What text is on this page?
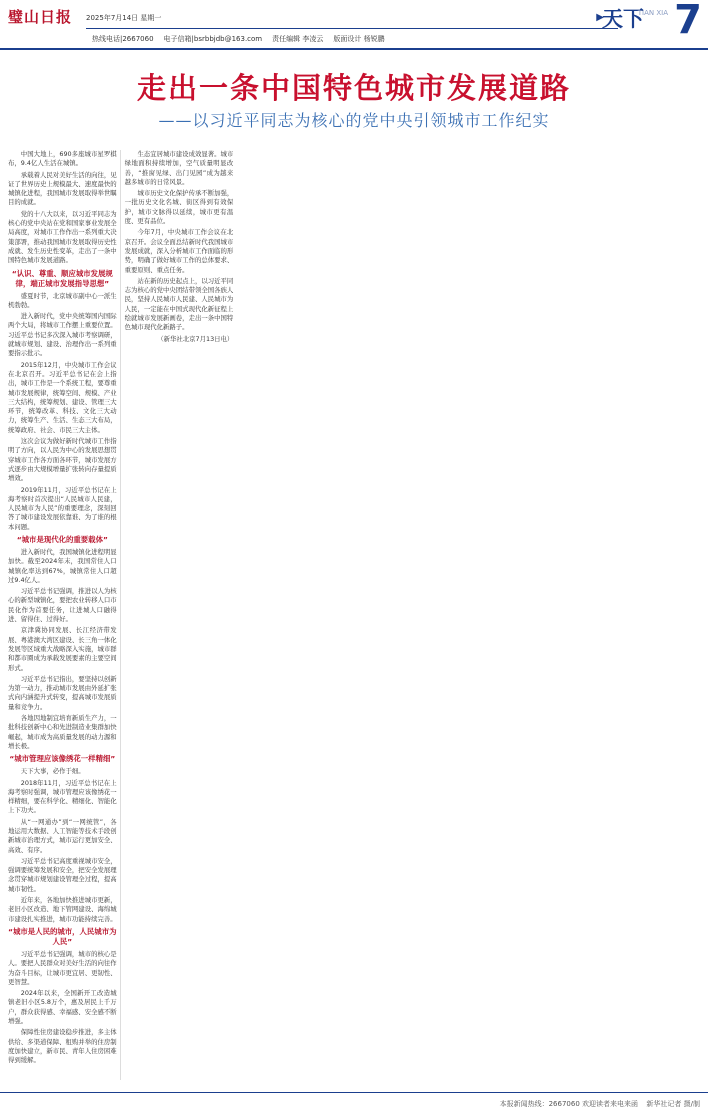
璧山日报 2025年7月14日 星期一	▶
天下
TIAN XIA 7
热线电话|2667060 电子信箱|bsrbbjdb@163.com 责任编辑 李凌云 版面设计 杨锐鹏
走出一条中国特色城市发展道路
——以习近平同志为核心的党中央引领城市工作纪实

中国大地上，690多座城市星罗棋布，9.4亿人生活在城镇。

承载着人民对美好生活的向往，见证了世界历史上规模最大、速度最快的城镇化进程，我国城市发展取得举世瞩目的成就。

党的十八大以来，以习近平同志为核心的党中央站在党和国家事业发展全局高度，对城市工作作出一系列重大决策部署，推动我国城市发展取得历史性成就、发生历史性变革，走出了一条中国特色城市发展道路。

“认识、尊重、顺应城市发展规律，端正城市发展指导思想”

盛夏时节，北京城市副中心一派生机勃勃。

进入新时代，党中央统筹国内国际两个大局，将城市工作摆上重要位置。习近平总书记多次深入城市考察调研，就城市规划、建设、治理作出一系列重要指示批示。

2015年12月，中央城市工作会议在北京召开。习近平总书记在会上指出，城市工作是一个系统工程，要尊重城市发展规律，统筹空间、规模、产业三大结构，统筹规划、建设、管理三大环节，统筹改革、科技、文化三大动力，统筹生产、生活、生态三大布局，统筹政府、社会、市民三大主体。

这次会议为做好新时代城市工作指明了方向，以人民为中心的发展思想贯穿城市工作各方面各环节，城市发展方式逐步由大规模增量扩张转向存量提质增效。

2019年11月，习近平总书记在上海考察时首次提出“人民城市人民建，人民城市为人民”的重要理念，深刻回答了城市建设发展依靠谁、为了谁的根本问题。

“城市是现代化的重要载体”

进入新时代，我国城镇化进程明显加快。截至2024年末，我国常住人口城镇化率达到67%，城镇常住人口超过9.4亿人。

习近平总书记强调，推进以人为核心的新型城镇化，要把农业转移人口市民化作为首要任务，让进城人口融得进、留得住、过得好。

京津冀协同发展、长江经济带发展、粤港澳大湾区建设、长三角一体化发展等区域重大战略深入实施，城市群和都市圈成为承载发展要素的主要空间形式。

习近平总书记指出，要坚持以创新为第一动力，推动城市发展由外延扩张式向内涵提升式转变，提高城市发展质量和竞争力。

各地因地制宜培育新质生产力，一批科技创新中心和先进制造业集群加快崛起，城市成为高质量发展的动力源和增长极。

“城市管理应该像绣花一样精细”

天下大事，必作于细。

2018年11月，习近平总书记在上海考察时强调，城市管理应该像绣花一样精细，要在科学化、精细化、智能化上下功夫。

从“一网通办”到“一网统管”，各地运用大数据、人工智能等技术手段创新城市治理方式，城市运行更加安全、高效、有序。

习近平总书记高度重视城市安全，强调要统筹发展和安全，把安全发展理念贯穿城市规划建设管理全过程，提高城市韧性。

近年来，各地加快推进城市更新，老旧小区改造、地下管网建设、海绵城市建设扎实推进，城市功能持续完善。

“城市是人民的城市，人民城市为人民”

习近平总书记强调，城市的核心是人。要把人民群众对美好生活的向往作为奋斗目标，让城市更宜居、更韧性、更智慧。

2024年以来，全国新开工改造城镇老旧小区5.8万个，惠及居民上千万户，群众获得感、幸福感、安全感不断增强。

保障性住房建设稳步推进，多主体供给、多渠道保障、租购并举的住房制度加快建立，新市民、青年人住房困难得到缓解。

生态宜居城市建设成效显著。城市绿地面积持续增加，空气质量明显改善，“推窗见绿、出门见园”成为越来越多城市的日常风景。

城市历史文化保护传承不断加强，一批历史文化名城、街区得到有效保护，城市文脉得以延续，城市更有温度、更有品位。

今年7月，中央城市工作会议在北京召开。会议全面总结新时代我国城市发展成就，深入分析城市工作面临的形势，明确了做好城市工作的总体要求、重要原则、重点任务。

站在新的历史起点上，以习近平同志为核心的党中央团结带领全国各族人民，坚持人民城市人民建、人民城市为人民，一定能在中国式现代化新征程上绘就城市发展新画卷，走出一条中国特色城市现代化新路子。

（新华社北京7月13日电）

本报新闻热线：2667060 欢迎读者来电来函 新华社记者 摄/制
